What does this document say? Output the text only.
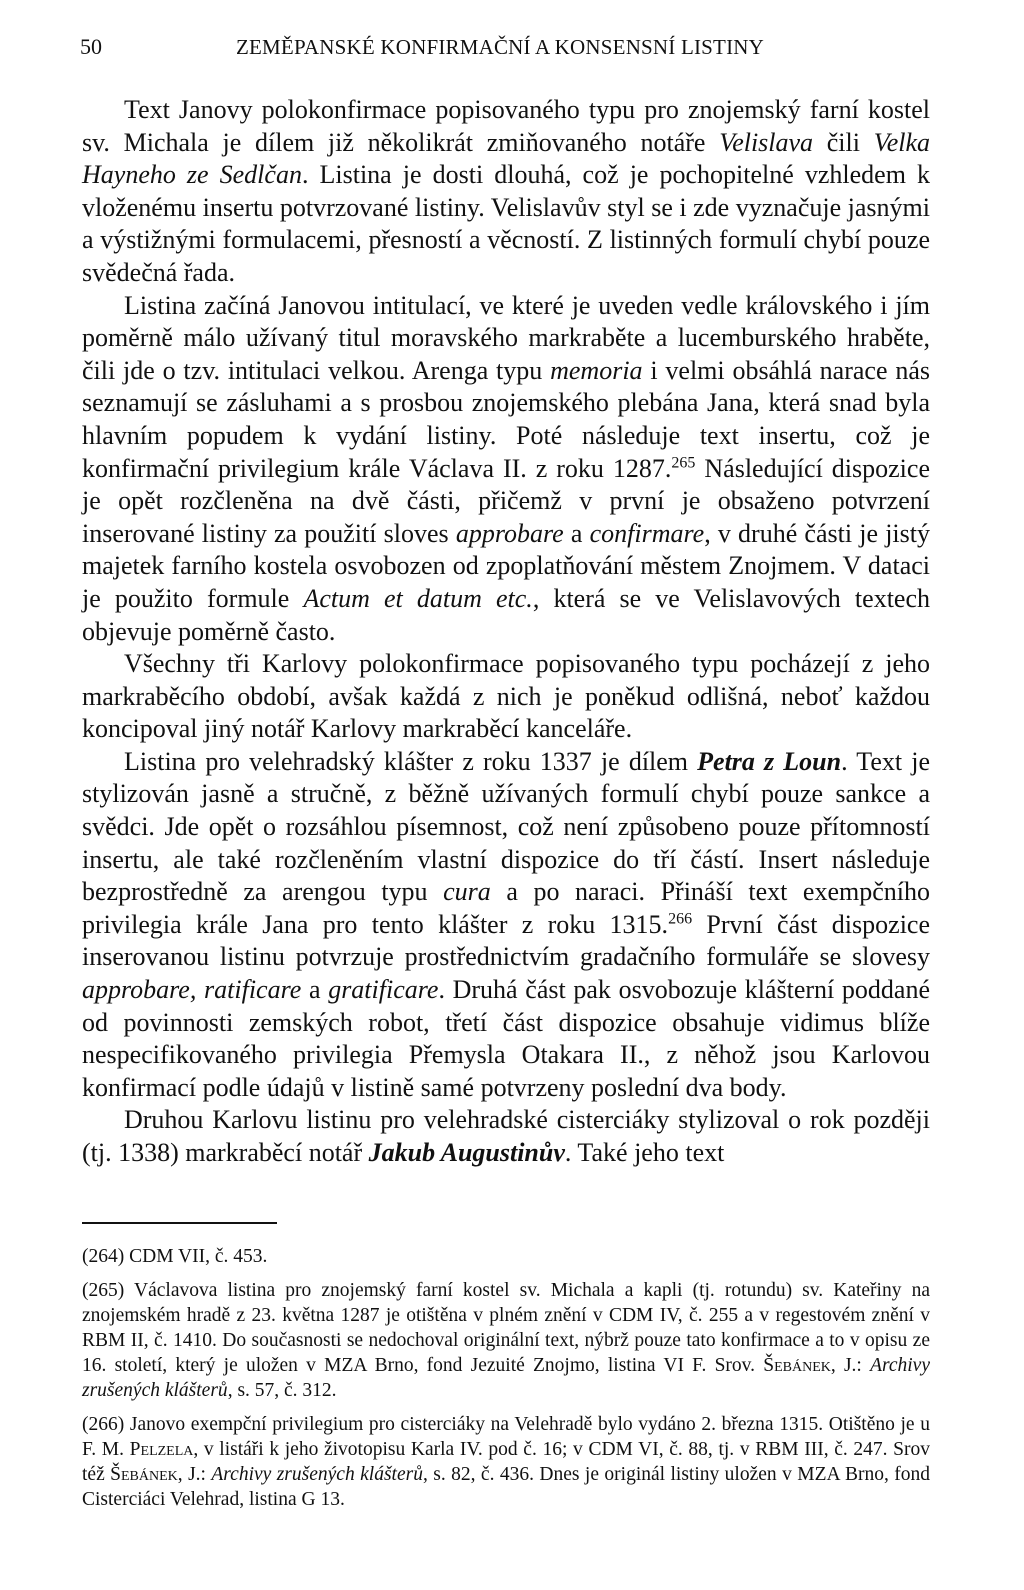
50	ZEMĚPANSKÉ KONFIRMAČNÍ A KONSENSNÍ LISTINY

Text Janovy polokonfirmace popisovaného typu pro znojemský farní kostel sv. Michala je dílem již několikrát zmiňovaného notáře Velislava čili Velka Hayneho ze Sedlčan. Listina je dosti dlouhá, což je pochopitelné vzhledem k vloženému insertu potvrzované listiny. Velislavův styl se i zde vyznačuje jasnými a výstižnými formulacemi, přesností a věcností. Z listinných formulí chybí pouze svědečná řada.

Listina začíná Janovou intitulací, ve které je uveden vedle královského i jím poměrně málo užívaný titul moravského markraběte a lucemburského hraběte, čili jde o tzv. intitulaci velkou. Arenga typu memoria i velmi obsáhlá narace nás seznamují se zásluhami a s prosbou znojemského plebána Jana, která snad byla hlavním popudem k vydání listiny. Poté následuje text insertu, což je konfirmační privilegium krále Václava II. z roku 1287.$^{265}$ Následující dispozice je opět rozčleněna na dvě části, přičemž v první je obsaženo potvrzení inserované listiny za použití sloves approbare a confirmare, v druhé části je jistý majetek farního kostela osvobozen od zpoplatňování městem Znojmem. V dataci je použito formule Actum et datum etc., která se ve Velislavových textech objevuje poměrně často.

Všechny tři Karlovy polokonfirmace popisovaného typu pocházejí z jeho markraběcího období, avšak každá z nich je poněkud odlišná, neboť každou koncipoval jiný notář Karlovy markraběcí kanceláře.

Listina pro velehradský klášter z roku 1337 je dílem Petra z Loun. Text je stylizován jasně a stručně, z běžně užívaných formulí chybí pouze sankce a svědci. Jde opět o rozsáhlou písemnost, což není způsobeno pouze přítomností insertu, ale také rozčleněním vlastní dispozice do tří částí. Insert následuje bezprostředně za arengou typu cura a po naraci. Přináší text exempčního privilegia krále Jana pro tento klášter z roku 1315.$^{266}$ První část dispozice inserovanou listinu potvrzuje prostřednictvím gradačního formuláře se slovesy approbare, ratificare a gratificare. Druhá část pak osvobozuje klášterní poddané od povinnosti zemských robot, třetí část dispozice obsahuje vidimus blíže nespecifikovaného privilegia Přemysla Otakara II., z něhož jsou Karlovou konfirmací podle údajů v listině samé potvrzeny poslední dva body.

Druhou Karlovu listinu pro velehradské cisterciáky stylizoval o rok později (tj. 1338) markraběcí notář Jakub Augustinův. Také jeho text

(264) CDM VII, č. 453.

(265) Václavova listina pro znojemský farní kostel sv. Michala a kapli (tj. rotundu) sv. Kateřiny na znojemském hradě z 23. května 1287 je otištěna v plném znění v CDM IV, č. 255 a v regestovém znění v RBM II, č. 1410. Do současnosti se nedochoval originální text, nýbrž pouze tato konfirmace a to v opisu ze 16. století, který je uložen v MZA Brno, fond Jezuité Znojmo, listina VI F. Srov. Šebánek, J.: Archivy zrušených klášterů, s. 57, č. 312.

(266) Janovo exempční privilegium pro cisterciáky na Velehradě bylo vydáno 2. března 1315. Otištěno je u F. M. Pelzela, v listáři k jeho životopisu Karla IV. pod č. 16; v CDM VI, č. 88, tj. v RBM III, č. 247. Srov též Šebánek, J.: Archivy zrušených klášterů, s. 82, č. 436. Dnes je originál listiny uložen v MZA Brno, fond Cisterciáci Velehrad, listina G 13.
